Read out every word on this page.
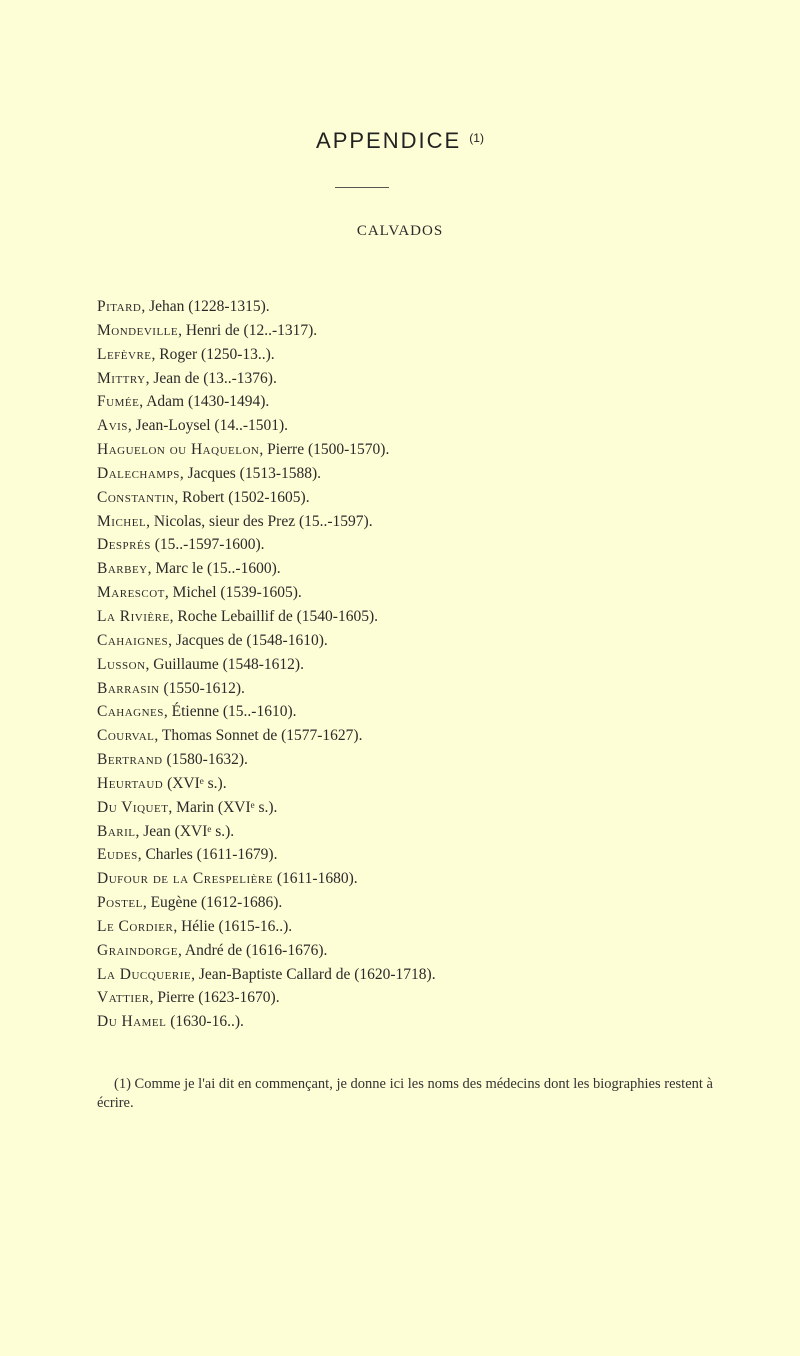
APPENDICE $^{(1)}$
CALVADOS
Pitard, Jehan (1228-1315).
Mondeville, Henri de (12..-1317).
Lefèvre, Roger (1250-13..).
Mittry, Jean de (13..-1376).
Fumée, Adam (1430-1494).
Avis, Jean-Loysel (14..-1501).
Haguelon ou Haquelon, Pierre (1500-1570).
Dalechamps, Jacques (1513-1588).
Constantin, Robert (1502-1605).
Michel, Nicolas, sieur des Prez (15..-1597).
Després (15..-1597-1600).
Barbey, Marc le (15..-1600).
Marescot, Michel (1539-1605).
La Rivière, Roche Lebaillif de (1540-1605).
Cahaignes, Jacques de (1548-1610).
Lusson, Guillaume (1548-1612).
Barrasin (1550-1612).
Cahagnes, Étienne (15..-1610).
Courval, Thomas Sonnet de (1577-1627).
Bertrand (1580-1632).
Heurtaud (XVIᵉ s.).
Du Viquet, Marin (XVIᵉ s.).
Baril, Jean (XVIᵉ s.).
Eudes, Charles (1611-1679).
Dufour de la Crespelière (1611-1680).
Postel, Eugène (1612-1686).
Le Cordier, Hélie (1615-16..).
Graindorge, André de (1616-1676).
La Ducquerie, Jean-Baptiste Callard de (1620-1718).
Vattier, Pierre (1623-1670).
Du Hamel (1630-16..).
(1) Comme je l'ai dit en commençant, je donne ici les noms des médecins dont les biographies restent à écrire.
